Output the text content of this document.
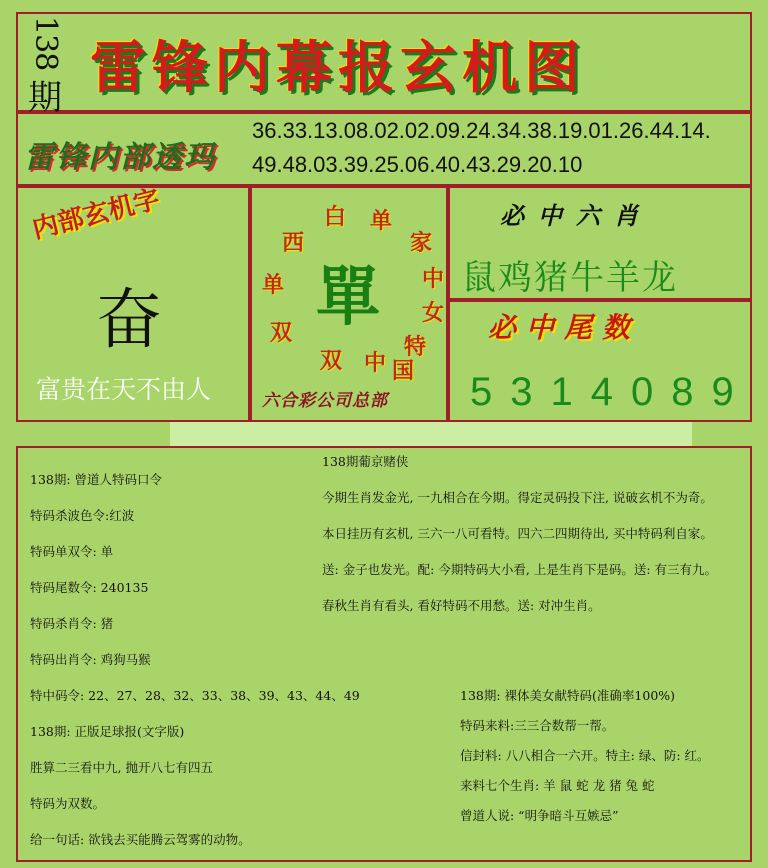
138
期 雷锋内幕报玄机图
雷锋内部透玛
36.33.13.08.02.02.09.24.34.38.19.01.26.44.14.
49.48.03.39.25.06.40.43.29.20.10
内部玄机字
奋
富贵在天不由人
白 单
家
西
中
单
女
双
特
双 中 国
單
六合彩公司总部
必中六肖
鼠鸡猪牛羊龙
必中尾数
5314089
138期: 曾道人特码口令
特码杀波色令:红波
特码单双令: 单
特码尾数令: 240135
特码杀肖令: 猪
特码出肖令: 鸡狗马猴
特中码令: 22、27、28、32、33、38、39、43、44、49
138期: 正版足球报(文字版)
胜算二三看中九, 抛开八七有四五
特码为双数。
给一句话: 欲钱去买能腾云驾雾的动物。
138期葡京赌侠
今期生肖发金光, 一九相合在今期。得定灵码投下注, 说破玄机不为奇。
本日挂历有玄机, 三六一八可看特。四六二四期待出, 买中特码利自家。
送: 金子也发光。配: 今期特码大小看, 上是生肖下是码。送: 有三有九。
春秋生肖有看头, 看好特码不用愁。送: 对冲生肖。
138期: 裸体美女献特码(准确率100%)
特码来料:三三合数帮一帮。
信封料: 八八相合一六开。特主: 绿、防: 红。
来料七个生肖: 羊 鼠 蛇 龙 猪 兔 蛇
曾道人说: “明争暗斗互嫉忌”
